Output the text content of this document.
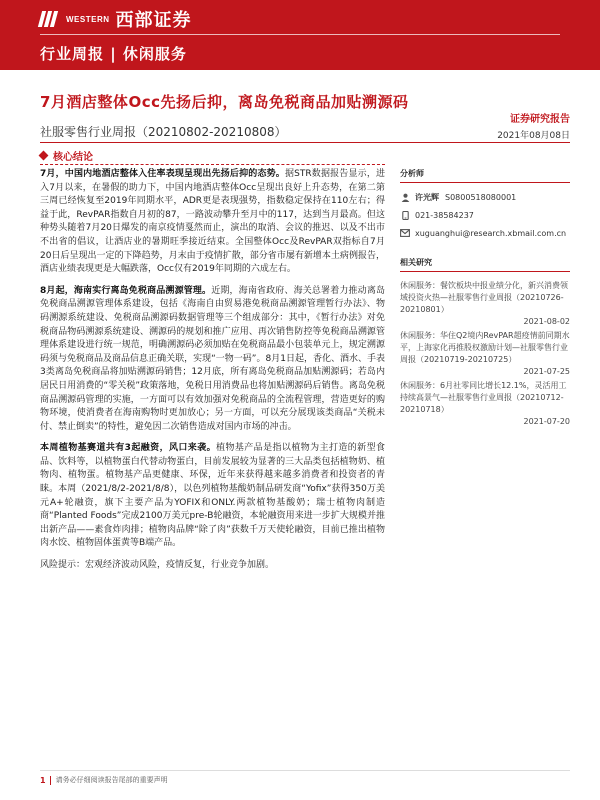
WESTERN 西部证券
行业周报 | 休闲服务
7月酒店整体Occ先扬后抑，离岛免税商品加贴溯源码
证券研究报告
社服零售行业周报（20210802-20210808）	2021年08月08日
核心结论

7月，中国内地酒店整体入住率表现呈现出先扬后抑的态势。据STR数据报告显示，进入7月以来，在暑假的助力下，中国内地酒店整体Occ呈现出良好上升态势，在第二第三周已经恢复至2019年同期水平，ADR更是表现强势，指数稳定保持在110左右；得益于此，RevPAR指数自月初的87，一路波动攀升至月中的117，达到当月最高。但这种势头随着7月20日爆发的南京疫情戛然而止，演出的取消、会议的推迟、以及不出市不出省的倡议，让酒店业的暑期旺季接近结束。全国整体Occ及RevPAR双指标自7月20日后呈现出一定的下降趋势，月末由于疫情扩散，部分省市屡有新增本土病例报告，酒店业绩表现更是大幅跌落，Occ仅有2019年同期的六成左右。

8月起，海南实行离岛免税商品溯源管理。近期，海南省政府、海关总署着力推动离岛免税商品溯源管理体系建设，包括《海南自由贸易港免税商品溯源管理暂行办法》、物码溯源系统建设、免税商品溯源码数据管理等三个组成部分：其中，《暂行办法》对免税商品物码溯源系统建设、溯源码的规划和推广应用、再次销售防控等免税商品溯源管理体系建设进行统一规范，明确溯源码必须加贴在免税商品最小包装单元上，规定溯源码须与免税商品及商品信息正确关联，实现“一物一码”。8月1日起，香化、酒水、手表3类离岛免税商品将加贴溯源码销售；12月底，所有离岛免税商品加贴溯源码；若岛内居民日用消费的“零关税”政策落地，免税日用消费品也将加贴溯源码后销售。离岛免税商品溯源码管理的实施，一方面可以有效加强对免税商品的全流程管理，营造更好的购物环境，使消费者在海南购物时更加放心；另一方面，可以充分展现该类商品“关税未付、禁止倒卖”的特性，避免因二次销售造成对国内市场的冲击。

本周植物基赛道共有3起融资，风口来袭。植物基产品是指以植物为主打造的新型食品、饮料等，以植物蛋白代替动物蛋白，目前发展较为显著的三大品类包括植物奶、植物肉、植物蛋。植物基产品更健康、环保，近年来获得越来越多消费者和投资者的青睐。本周（2021/8/2-2021/8/8），以色列植物基酸奶制品研发商“Yofix”获得350万美元A+轮融资，旗下主要产品为YOFIX和ONLY.两款植物基酸奶；瑞士植物肉制造商“Planted Foods”完成2100万美元pre-B轮融资，本轮融资用来进一步扩大规模并推出新产品——素食炸肉排；植物肉品牌“除了肉”获数千万天使轮融资，目前已推出植物肉水饺、植物固体蛋黄等B端产品。

风险提示：宏观经济波动风险，疫情反复，行业竞争加剧。

分析师
许光辉 S0800518080001
021-38584237
xuguanghui@research.xbmail.com.cn
相关研究
休闲服务：餐饮板块中报业绩分化，新兴消费领域投资火热—社服零售行业周报（20210726-20210801）
2021-08-02
休闲服务：华住Q2境内RevPAR超疫情前同期水平，上海家化再推股权激励计划—社服零售行业周报（20210719-20210725）
2021-07-25
休闲服务：6月社零同比增长12.1%，灵活用工持续高景气—社服零售行业周报（20210712-20210718）
2021-07-20
1 请务必仔细阅读报告尾部的重要声明
